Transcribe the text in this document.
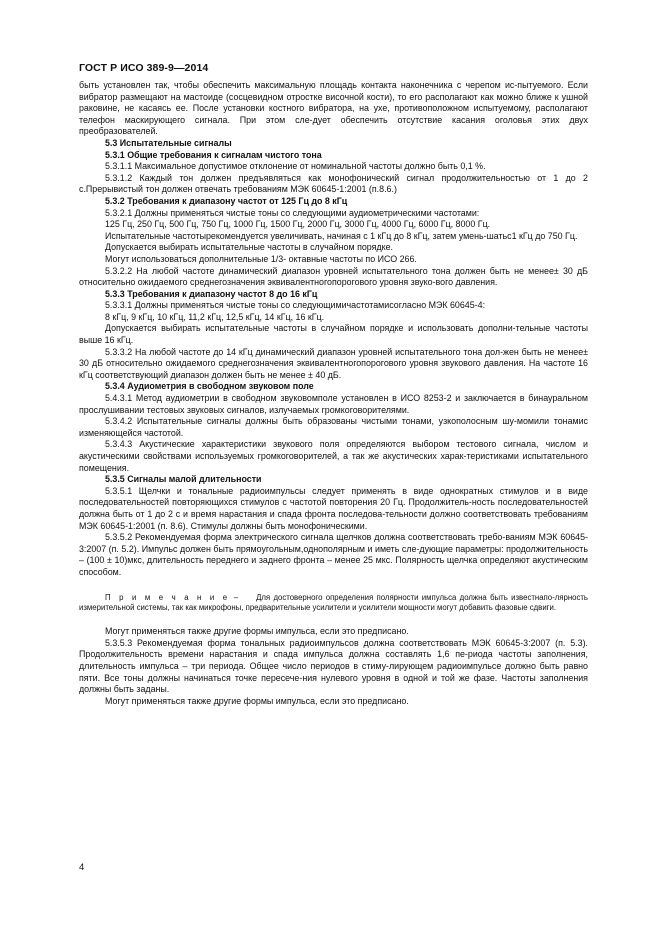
ГОСТ Р ИСО 389-9—2014

быть установлен так, чтобы обеспечить максимальную площадь контакта наконечника с черепом ис-пытуемого. Если вибратор размещают на мастоиде (сосцевидном отростке височной кости), то его располагают как можно ближе к ушной раковине, не касаясь ее. После установки костного вибратора, на ухе, противоположном испытуемому, располагают телефон маскирующего сигнала. При этом сле-дует обеспечить отсутствие касания оголовья этих двух преобразователей.

5.3 Испытательные сигналы

5.3.1 Общие требования к сигналам чистого тона

5.3.1.1 Максимальное допустимое отклонение от номинальной частоты должно быть 0,1 %.

5.3.1.2 Каждый тон должен предъявляться как монофонический сигнал продолжительностью от 1 до 2 с.Прерывистый тон должен отвечать требованиям МЭК 60645-1:2001 (п.8.6.)

5.3.2 Требования к диапазону частот от 125 Гц до 8 кГц

5.3.2.1 Должны применяться чистые тоны со следующими аудиометрическими частотами:

125 Гц, 250 Гц, 500 Гц, 750 Гц, 1000 Гц, 1500 Гц, 2000 Гц, 3000 Гц, 4000 Гц, 6000 Гц, 8000 Гц.

Испытательные частотырекомендуется увеличивать, начиная с 1 кГц до 8 кГц, затем умень-шатьс1 кГц до 750 Гц.

Допускается выбирать испытательные частоты в случайном порядке.

Могут использоваться дополнительные 1/3- октавные частоты по ИСО 266.

5.3.2.2 На любой частоте динамический диапазон уровней испытательного тона должен быть не менее± 30 дБ относительно ожидаемого среднегозначения эквивалентногопорогового уровня звуко-вого давления.

5.3.3 Требования к диапазону частот 8 до 16 кГц

5.3.3.1 Должны применяться чистые тоны со следующимичастотамисогласно МЭК 60645-4:

8 кГц, 9 кГц, 10 кГц, 11,2 кГц, 12,5 кГц, 14 кГц, 16 кГц.

Допускается выбирать испытательные частоты в случайном порядке и использовать дополни-тельные частоты выше 16 кГц.

5.3.3.2 На любой частоте до 14 кГц динамический диапазон уровней испытательного тона дол-жен быть не менее± 30 дБ относительно ожидаемого среднегозначения эквивалентногопорогового уровня звукового давления. На частоте 16 кГц соответствующий диапазон должен быть не менее ± 40 дБ.

5.3.4 Аудиометрия в свободном звуковом поле

5.4.3.1 Метод аудиометрии в свободном звуковомполе установлен в ИСО 8253-2 и заключается в бинауральном прослушивании тестовых звуковых сигналов, излучаемых громкоговорителями.

5.3.4.2 Испытательные сигналы должны быть образованы чистыми тонами, узкополосным шу-момили тонамис изменяющейся частотой.

5.3.4.3 Акустические характеристики звукового поля определяются выбором тестового сигнала, числом и акустическими свойствами используемых громкоговорителей, а так же акустических харак-теристиками испытательного помещения.

5.3.5 Сигналы малой длительности

5.3.5.1 Щелчки и тональные радиоимпульсы следует применять в виде однократных стимулов и в виде последовательностей повторяющихся стимулов с частотой повторения 20 Гц. Продолжитель-ность последовательностей должна быть от 1 до 2 с и время нарастания и спада фронта последова-тельности должно соответствовать требованиям МЭК 60645-1:2001 (п. 8.6). Стимулы должны быть монофоническими.

5.3.5.2 Рекомендуемая форма электрического сигнала щелчков должна соответствовать требо-ваниям МЭК 60645-3:2007 (п. 5.2). Импульс должен быть прямоугольным,однополярным и иметь сле-дующие параметры: продолжительность – (100 ± 10)мкс, длительность переднего и заднего фронта – менее 25 мкс. Полярность щелчка определяют акустическим способом.

П р и м е ч а н и е – Для достоверного определения полярности импульса должна быть известнапо-лярность измерительной системы, так как микрофоны, предварительные усилители и усилители мощности могут добавить фазовые сдвиги.

Могут применяться также другие формы импульса, если это предписано.

5.3.5.3 Рекомендуемая форма тональных радиоимпульсов должна соответствовать МЭК 60645-3:2007 (п. 5.3). Продолжительность времени нарастания и спада импульса должна составлять 1,6 пе-риода частоты заполнения, длительность импульса – три периода. Общее число периодов в стиму-лирующем радиоимпульсе должно быть равно пяти. Все тоны должны начинаться точке пересече-ния нулевого уровня в одной и той же фазе. Частоты заполнения должны быть заданы.

Могут применяться также другие формы импульса, если это предписано.

4
